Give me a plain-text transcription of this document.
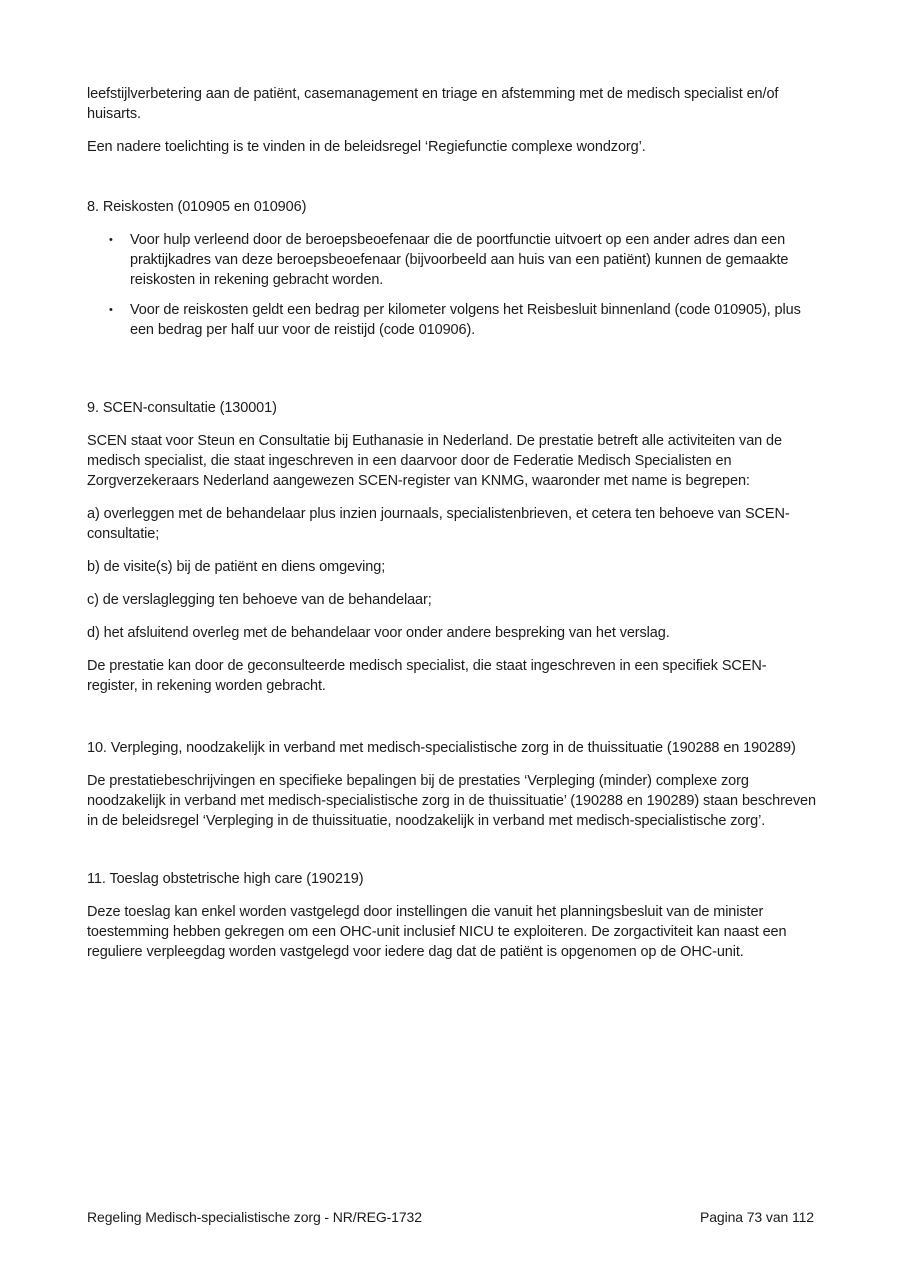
leefstijlverbetering aan de patiënt, casemanagement en triage en afstemming met de medisch specialist en/of huisarts.

Een nadere toelichting is te vinden in de beleidsregel ‘Regiefunctie complexe wondzorg’.

8. Reiskosten (010905 en 010906)

•	Voor hulp verleend door de beroepsbeoefenaar die de poortfunctie uitvoert op een ander adres dan een praktijkadres van deze beroepsbeoefenaar (bijvoorbeeld aan huis van een patiënt) kunnen de gemaakte reiskosten in rekening gebracht worden.
•	Voor de reiskosten geldt een bedrag per kilometer volgens het Reisbesluit binnenland (code 010905), plus een bedrag per half uur voor de reistijd (code 010906).

9. SCEN-consultatie (130001)

SCEN staat voor Steun en Consultatie bij Euthanasie in Nederland. De prestatie betreft alle activiteiten van de medisch specialist, die staat ingeschreven in een daarvoor door de Federatie Medisch Specialisten en Zorgverzekeraars Nederland aangewezen SCEN-register van KNMG, waaronder met name is begrepen:

a) overleggen met de behandelaar plus inzien journaals, specialistenbrieven, et cetera ten behoeve van SCEN-consultatie;

b) de visite(s) bij de patiënt en diens omgeving;

c) de verslaglegging ten behoeve van de behandelaar;

d) het afsluitend overleg met de behandelaar voor onder andere bespreking van het verslag.

De prestatie kan door de geconsulteerde medisch specialist, die staat ingeschreven in een specifiek SCEN-register, in rekening worden gebracht.

10. Verpleging, noodzakelijk in verband met medisch-specialistische zorg in de thuissituatie (190288 en 190289)

De prestatiebeschrijvingen en specifieke bepalingen bij de prestaties ‘Verpleging (minder) complexe zorg noodzakelijk in verband met medisch-specialistische zorg in de thuissituatie’ (190288 en 190289) staan beschreven in de beleidsregel ‘Verpleging in de thuissituatie, noodzakelijk in verband met medisch-specialistische zorg’.

11. Toeslag obstetrische high care (190219)

Deze toeslag kan enkel worden vastgelegd door instellingen die vanuit het planningsbesluit van de minister toestemming hebben gekregen om een OHC-unit inclusief NICU te exploiteren. De zorgactiviteit kan naast een reguliere verpleegdag worden vastgelegd voor iedere dag dat de patiënt is opgenomen op de OHC-unit.

Regeling Medisch-specialistische zorg - NR/REG-1732	Pagina 73 van 112
